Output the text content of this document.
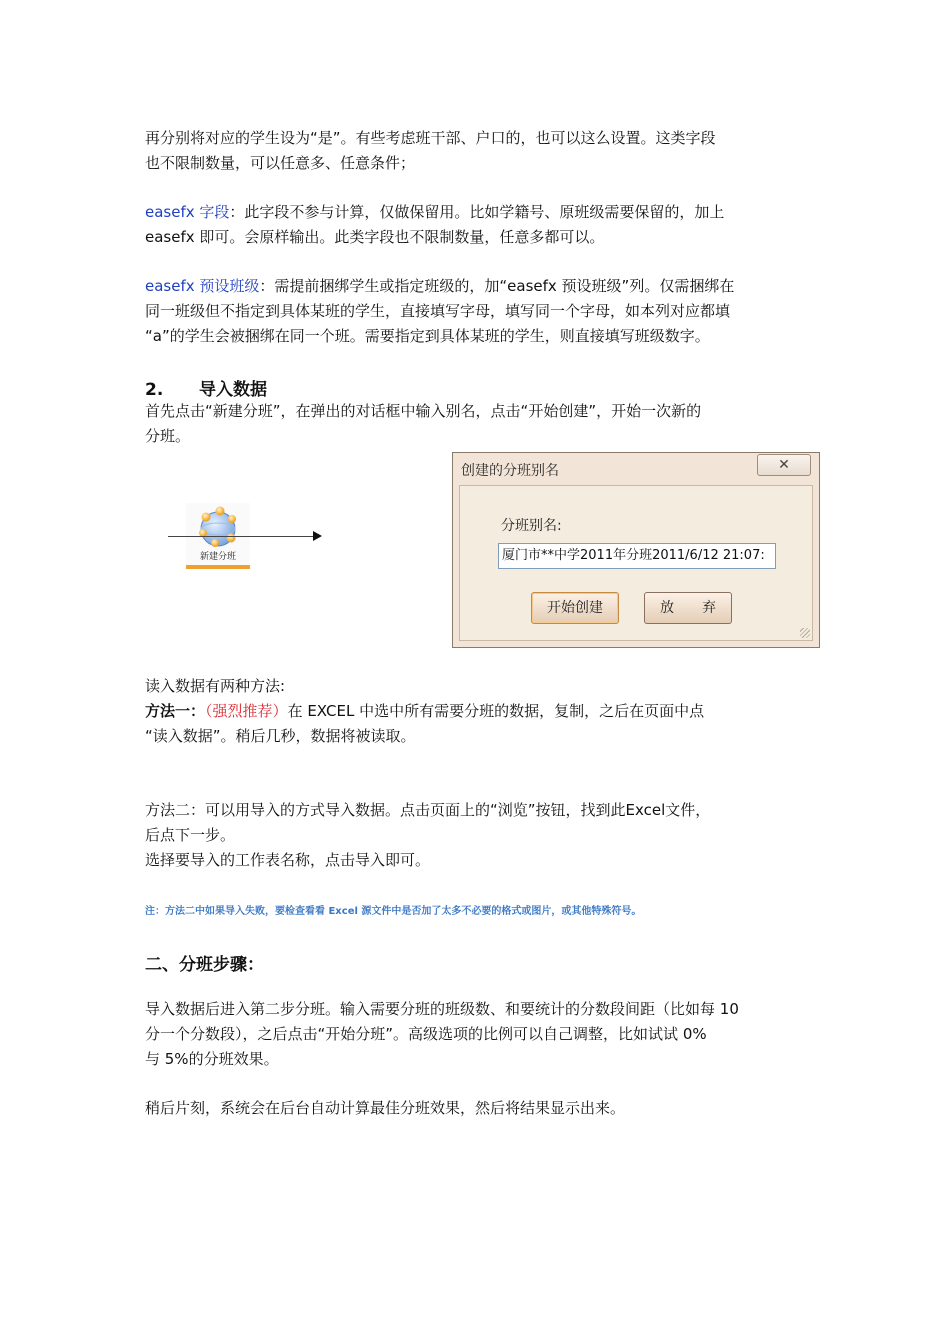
再分别将对应的学生设为“是”。有些考虑班干部、户口的，也可以这么设置。这类字段
也不限制数量，可以任意多、任意条件；

easefx 字段：此字段不参与计算，仅做保留用。比如学籍号、原班级需要保留的，加上
easefx 即可。会原样输出。此类字段也不限制数量，任意多都可以。

easefx 预设班级：需提前捆绑学生或指定班级的，加“easefx 预设班级”列。仅需捆绑在
同一班级但不指定到具体某班的学生，直接填写字母，填写同一个字母，如本列对应都填
“a”的学生会被捆绑在同一个班。需要指定到具体某班的学生，则直接填写班级数字。

2. 导入数据

首先点击“新建分班”，在弹出的对话框中输入别名，点击“开始创建”，开始一次新的
分班。

新建分班
创建的分班别名	✕
分班别名:
厦门市**中学2011年分班2011/6/12 21:07:
开始创建	放　　弃

读入数据有两种方法:
方法一：（强烈推荐）在 EXCEL 中选中所有需要分班的数据，复制，之后在页面中点
“读入数据”。稍后几秒，数据将被读取。

方法二：可以用导入的方式导入数据。点击页面上的“浏览”按钮，找到此Excel文件，
后点下一步。
选择要导入的工作表名称，点击导入即可。

注：方法二中如果导入失败，要检查看看 Excel 源文件中是否加了太多不必要的格式或图片，或其他特殊符号。

二、分班步骤：

导入数据后进入第二步分班。输入需要分班的班级数、和要统计的分数段间距（比如每 10
分一个分数段），之后点击“开始分班”。高级选项的比例可以自己调整，比如试试 0%
与 5%的分班效果。

稍后片刻，系统会在后台自动计算最佳分班效果，然后将结果显示出来。
